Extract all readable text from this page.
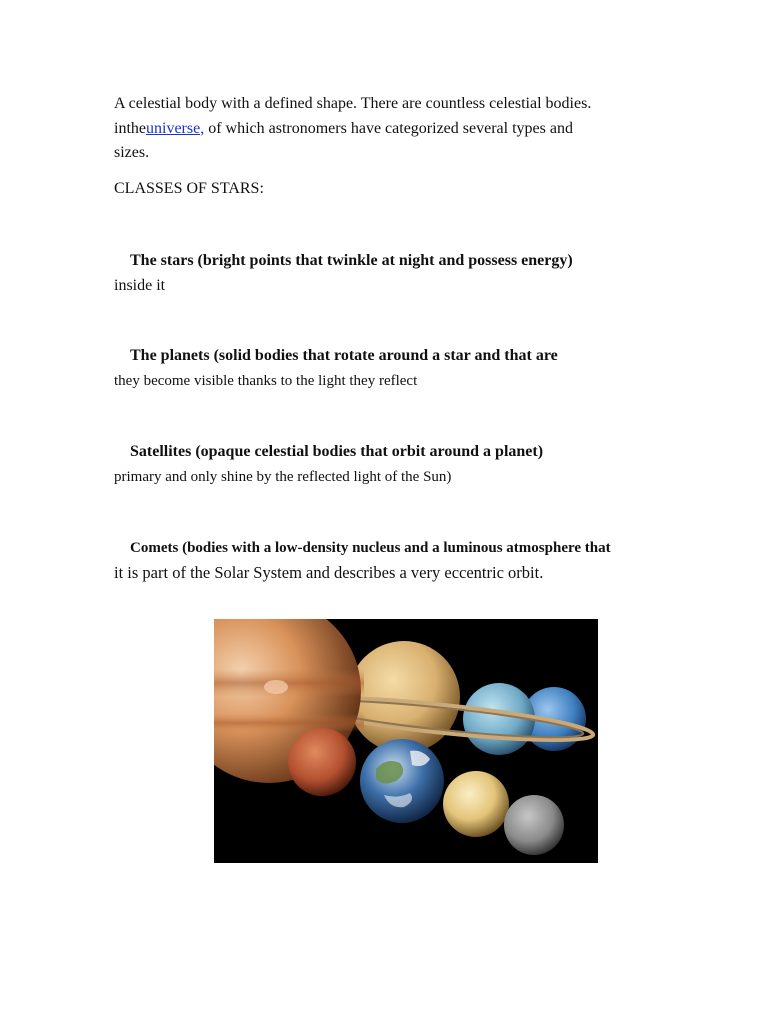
A celestial body with a defined shape. There are countless celestial bodies.
intheuniverse, of which astronomers have categorized several types and
sizes.

CLASSES OF STARS:

The stars (bright points that twinkle at night and possess energy)
inside it

The planets (solid bodies that rotate around a star and that are
they become visible thanks to the light they reflect

Satellites (opaque celestial bodies that orbit around a planet)
primary and only shine by the reflected light of the Sun)

Comets (bodies with a low-density nucleus and a luminous atmosphere that
it is part of the Solar System and describes a very eccentric orbit.
